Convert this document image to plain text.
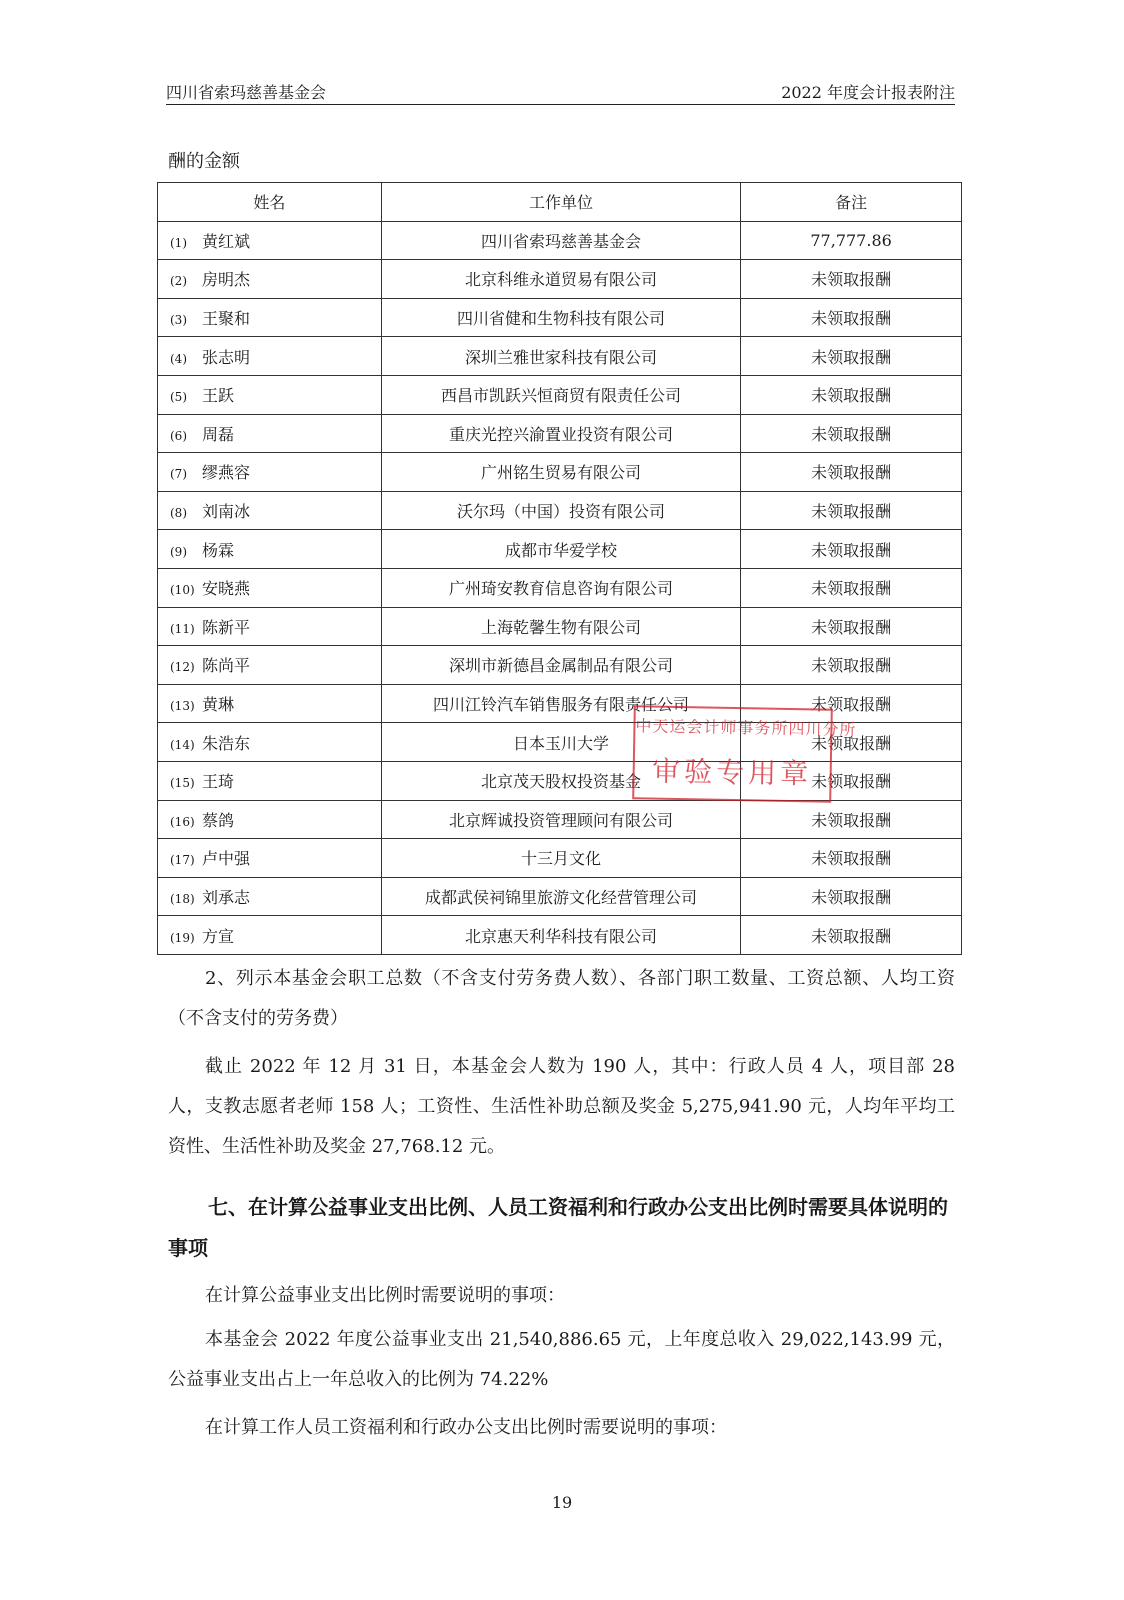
四川省索玛慈善基金会	2022 年度会计报表附注
酬的金额
姓名	工作单位	备注
(1) 黄红斌	四川省索玛慈善基金会	77,777.86
(2) 房明杰	北京科维永道贸易有限公司	未领取报酬
(3) 王聚和	四川省健和生物科技有限公司	未领取报酬
(4) 张志明	深圳兰雅世家科技有限公司	未领取报酬
(5) 王跃	西昌市凯跃兴恒商贸有限责任公司	未领取报酬
(6) 周磊	重庆光控兴渝置业投资有限公司	未领取报酬
(7) 缪燕容	广州铭生贸易有限公司	未领取报酬
(8) 刘南冰	沃尔玛（中国）投资有限公司	未领取报酬
(9) 杨霖	成都市华爱学校	未领取报酬
(10) 安晓燕	广州琦安教育信息咨询有限公司	未领取报酬
(11) 陈新平	上海乾馨生物有限公司	未领取报酬
(12) 陈尚平	深圳市新德昌金属制品有限公司	未领取报酬
(13) 黄琳	四川江铃汽车销售服务有限责任公司	未领取报酬
(14) 朱浩东	日本玉川大学	未领取报酬
(15) 王琦	北京茂天股权投资基金	未领取报酬
(16) 蔡鸽	北京辉诚投资管理顾问有限公司	未领取报酬
(17) 卢中强	十三月文化	未领取报酬
(18) 刘承志	成都武侯祠锦里旅游文化经营管理公司	未领取报酬
(19) 方宣	北京惠天利华科技有限公司	未领取报酬
中天运会计师事务所四川分所
审验专用章
2、列示本基金会职工总数（不含支付劳务费人数）、各部门职工数量、工资总额、人均工资（不含支付的劳务费）
截止 2022 年 12 月 31 日，本基金会人数为 190 人，其中：行政人员 4 人，项目部 28 人，支教志愿者老师 158 人；工资性、生活性补助总额及奖金 5,275,941.90 元，人均年平均工资性、生活性补助及奖金 27,768.12 元。
七、在计算公益事业支出比例、人员工资福利和行政办公支出比例时需要具体说明的事项
在计算公益事业支出比例时需要说明的事项：
本基金会 2022 年度公益事业支出 21,540,886.65 元，上年度总收入 29,022,143.99 元，公益事业支出占上一年总收入的比例为 74.22%
在计算工作人员工资福利和行政办公支出比例时需要说明的事项：
19
